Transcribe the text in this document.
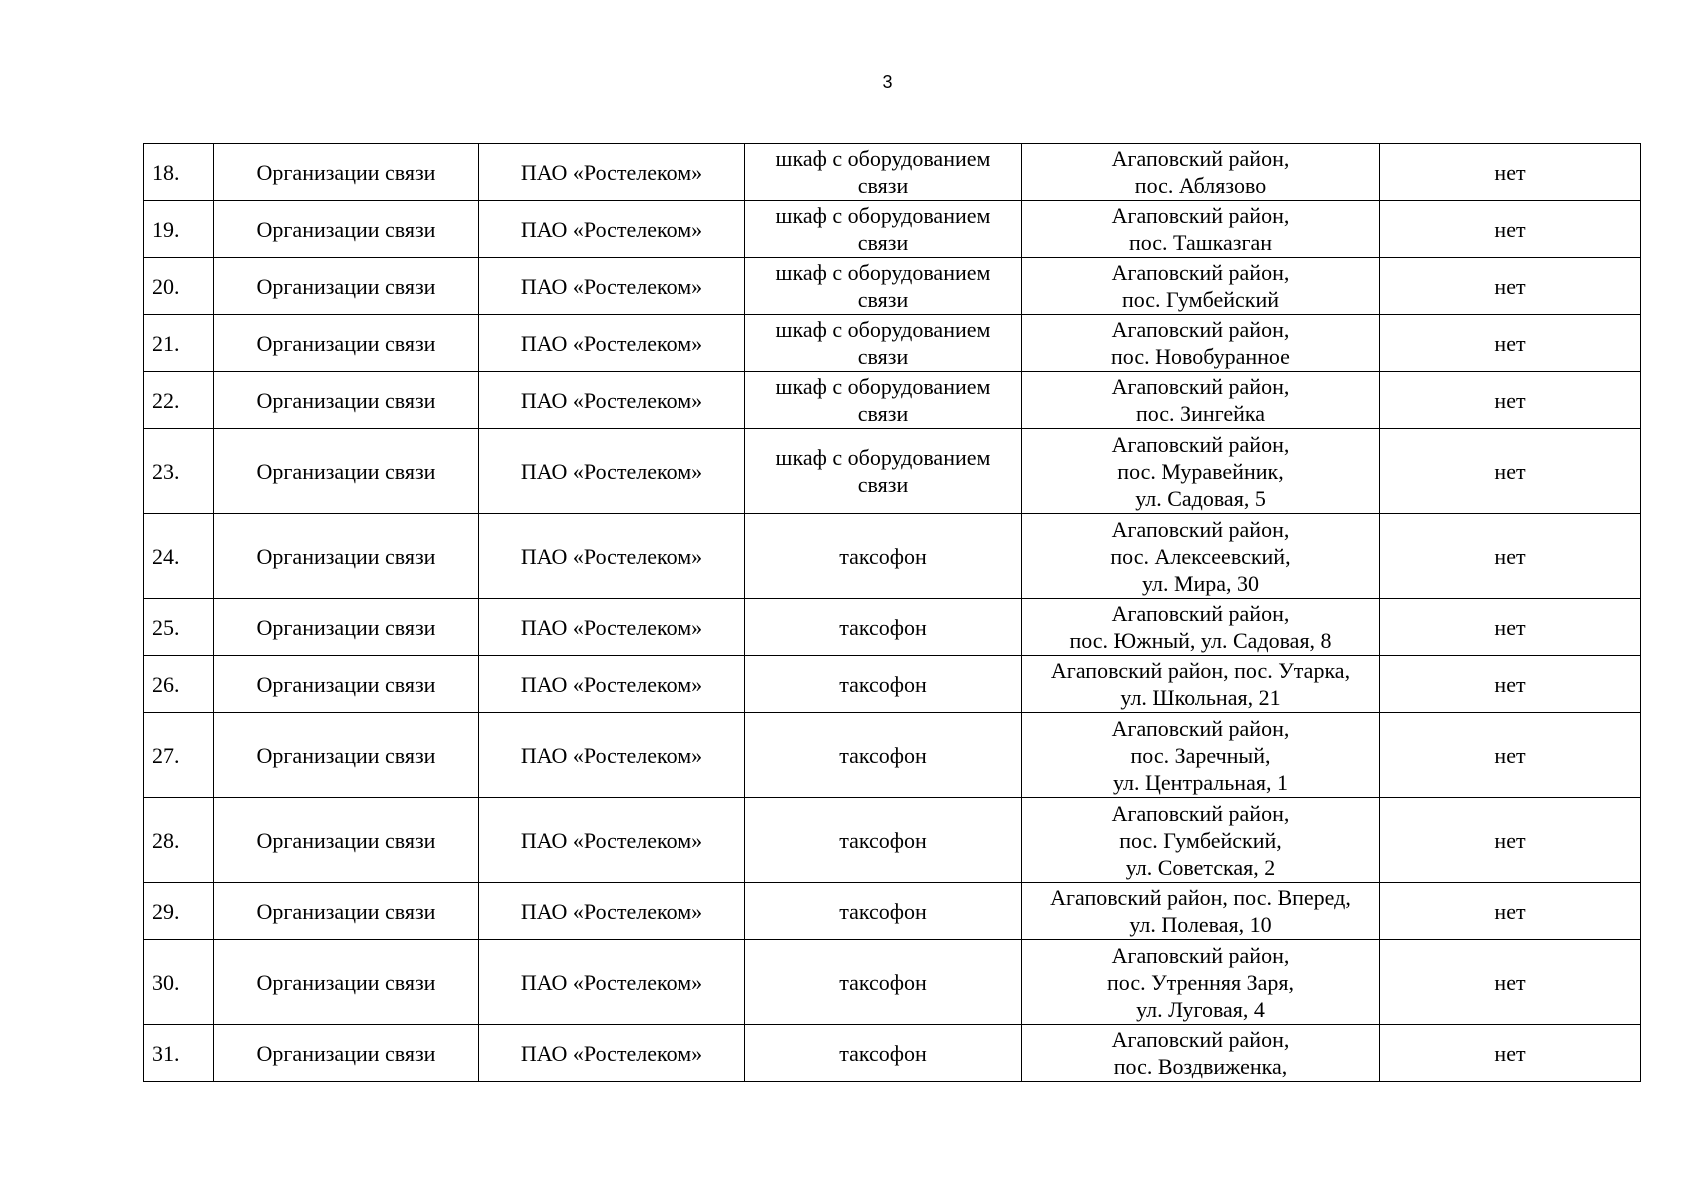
3
18.	Организации связи	ПАО «Ростелеком»	шкаф с оборудованием
связи	Агаповский район,
пос. Аблязово	нет
19.	Организации связи	ПАО «Ростелеком»	шкаф с оборудованием
связи	Агаповский район,
пос. Ташказган	нет
20.	Организации связи	ПАО «Ростелеком»	шкаф с оборудованием
связи	Агаповский район,
пос. Гумбейский	нет
21.	Организации связи	ПАО «Ростелеком»	шкаф с оборудованием
связи	Агаповский район,
пос. Новобуранное	нет
22.	Организации связи	ПАО «Ростелеком»	шкаф с оборудованием
связи	Агаповский район,
пос. Зингейка	нет
23.	Организации связи	ПАО «Ростелеком»	шкаф с оборудованием
связи	Агаповский район,
пос. Муравейник,
ул. Садовая, 5	нет
24.	Организации связи	ПАО «Ростелеком»	таксофон	Агаповский район,
пос. Алексеевский,
ул. Мира, 30	нет
25.	Организации связи	ПАО «Ростелеком»	таксофон	Агаповский район,
пос. Южный, ул. Садовая, 8	нет
26.	Организации связи	ПАО «Ростелеком»	таксофон	Агаповский район, пос. Утарка,
ул. Школьная, 21	нет
27.	Организации связи	ПАО «Ростелеком»	таксофон	Агаповский район,
пос. Заречный,
ул. Центральная, 1	нет
28.	Организации связи	ПАО «Ростелеком»	таксофон	Агаповский район,
пос. Гумбейский,
ул. Советская, 2	нет
29.	Организации связи	ПАО «Ростелеком»	таксофон	Агаповский район, пос. Вперед,
ул. Полевая, 10	нет
30.	Организации связи	ПАО «Ростелеком»	таксофон	Агаповский район,
пос. Утренняя Заря,
ул. Луговая, 4	нет
31.	Организации связи	ПАО «Ростелеком»	таксофон	Агаповский район,
пос. Воздвиженка,	нет
